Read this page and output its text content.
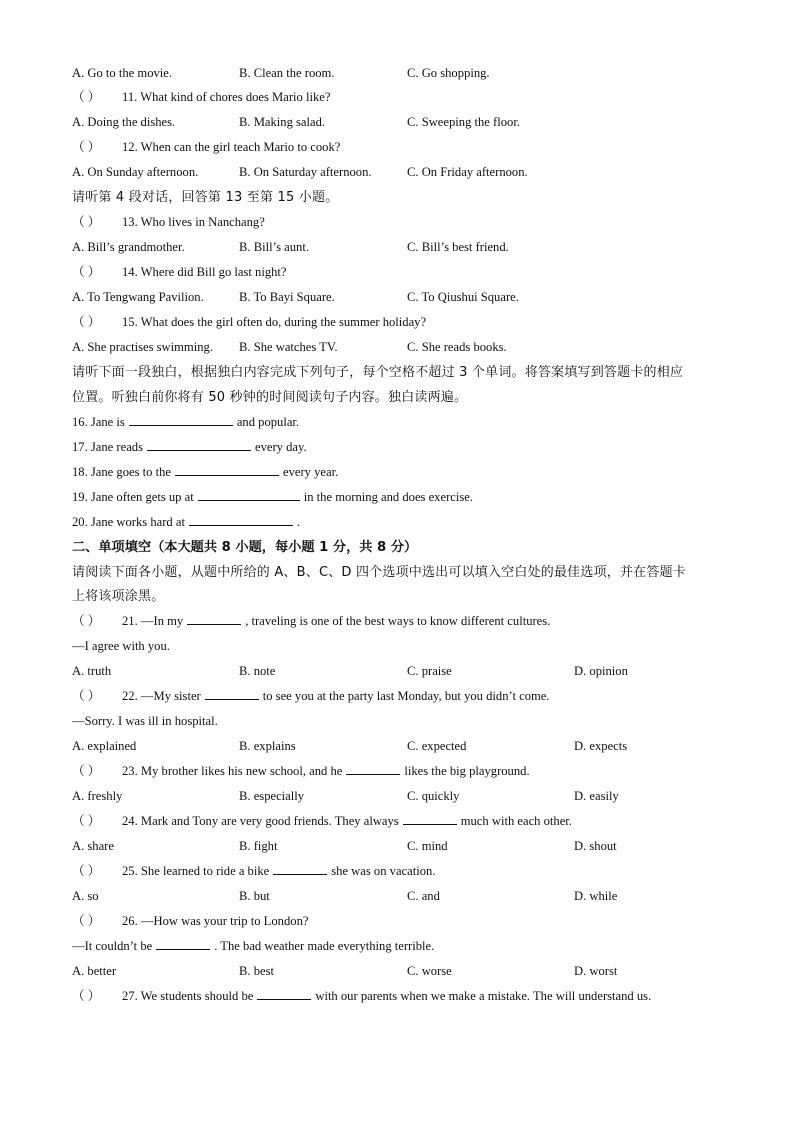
A. Go to the movie.	B. Clean the room.	C. Go shopping.
（ ） 11. What kind of chores does Mario like?
A. Doing the dishes.	B. Making salad.	C. Sweeping the floor.
（ ） 12. When can the girl teach Mario to cook?
A. On Sunday afternoon.	B. On Saturday afternoon.	C. On Friday afternoon.
请听第 4 段对话，回答第 13 至第 15 小题。
（ ） 13. Who lives in Nanchang?
A. Bill’s grandmother.	B. Bill’s aunt.	C. Bill’s best friend.
（ ） 14. Where did Bill go last night?
A. To Tengwang Pavilion.	B. To Bayi Square.	C. To Qiushui Square.
（ ） 15. What does the girl often do, during the summer holiday?
A. She practises swimming. B. She watches TV.	C. She reads books.
请听下面一段独白，根据独白内容完成下列句子，每个空格不超过 3 个单词。将答案填写到答题卡的相应
位置。听独白前你将有 50 秒钟的时间阅读句子内容。独白读两遍。
16. Jane is	and popular.
17. Jane reads	every day.
18. Jane goes to the	every year.
19. Jane often gets up at	in the morning and does exercise.
20. Jane works hard at	.
二、单项填空（本大题共 8 小题，每小题 1 分，共 8 分）
请阅读下面各小题，从题中所给的 A、B、C、D 四个选项中选出可以填入空白处的最佳选项，并在答题卡
上将该项涂黑。
（ ） 21. —In my	, traveling is one of the best ways to know different cultures.
—I agree with you.
A. truth	B. note	C. praise	D. opinion
（ ） 22. —My sister	to see you at the party last Monday, but you didn’t come.
—Sorry. I was ill in hospital.
A. explained	B. explains	C. expected	D. expects
（ ） 23. My brother likes his new school, and he	likes the big playground.
A. freshly	B. especially	C. quickly	D. easily
（ ） 24. Mark and Tony are very good friends. They always	much with each other.
A. share	B. fight	C. mind	D. shout
（ ） 25. She learned to ride a bike	she was on vacation.
A. so	B. but	C. and	D. while
（ ） 26. —How was your trip to London?
—It couldn’t be	. The bad weather made everything terrible.
A. better	B. best	C. worse	D. worst
（ ） 27. We students should be	with our parents when we make a mistake. The will understand us.
